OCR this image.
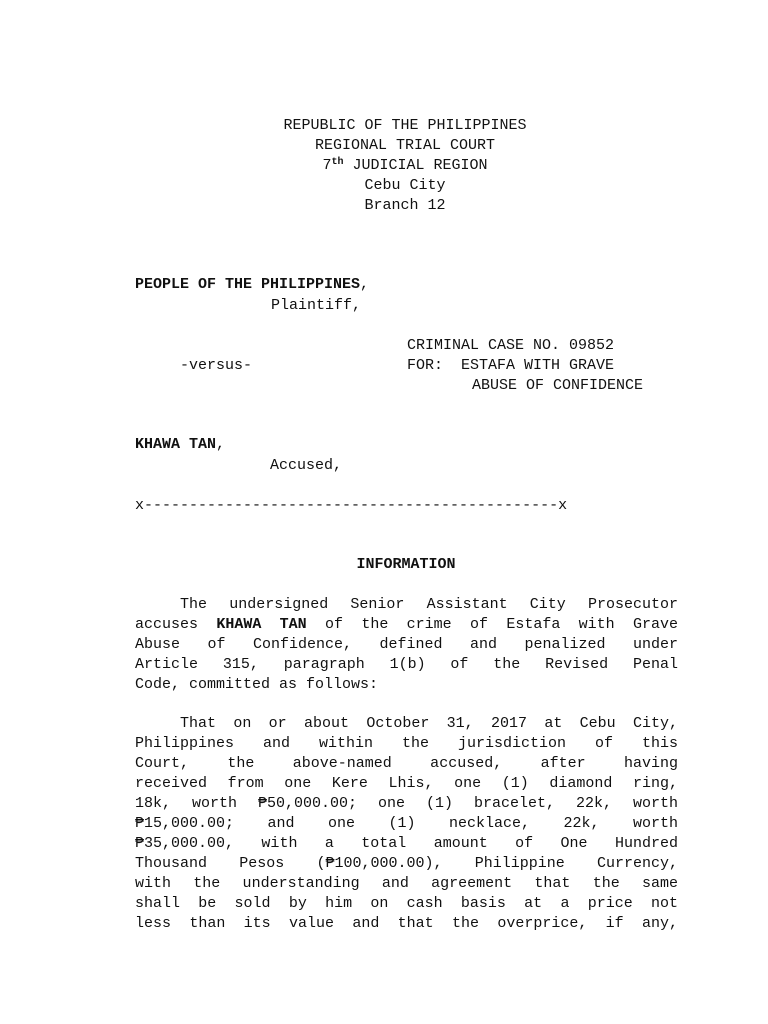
REPUBLIC OF THE PHILIPPINES
REGIONAL TRIAL COURT
7th JUDICIAL REGION
Cebu City
Branch 12
PEOPLE OF THE PHILIPPINES,
Plaintiff,
CRIMINAL CASE NO. 09852
-versus-	FOR:  ESTAFA WITH GRAVE
ABUSE OF CONFIDENCE
KHAWA TAN,
Accused,
x----------------------------------------------x
INFORMATION
The undersigned Senior Assistant City Prosecutor
accuses KHAWA TAN of the crime of Estafa with Grave
Abuse of Confidence, defined and penalized under
Article 315, paragraph 1(b) of the Revised Penal
Code, committed as follows:
That on or about October 31, 2017 at Cebu City,
Philippines and within the jurisdiction of this
Court, the above-named accused, after having
received from one Kere Lhis, one (1) diamond ring,
18k, worth ₱50,000.00; one (1) bracelet, 22k, worth
₱15,000.00; and one (1) necklace, 22k, worth
₱35,000.00, with a total amount of One Hundred
Thousand Pesos (₱100,000.00), Philippine Currency,
with the understanding and agreement that the same
shall be sold by him on cash basis at a price not
less than its value and that the overprice, if any,
